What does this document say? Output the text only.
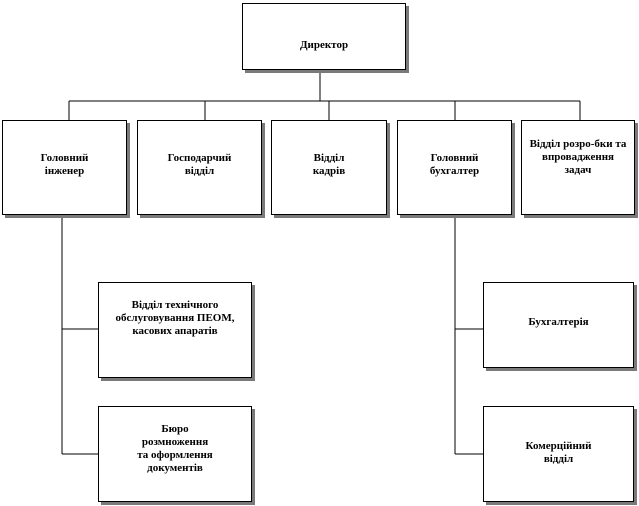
Директор

Головний
інженер

Господарчий
відділ

Відділ
кадрів

Головний
бухгалтер

Відділ розро-бки та
впровадження
задач

Відділ технічного
обслуговування ПЕОМ,
касових апаратів

Бюро
розмноження
та оформлення
документів

Бухгалтерія

Комерційний
відділ
